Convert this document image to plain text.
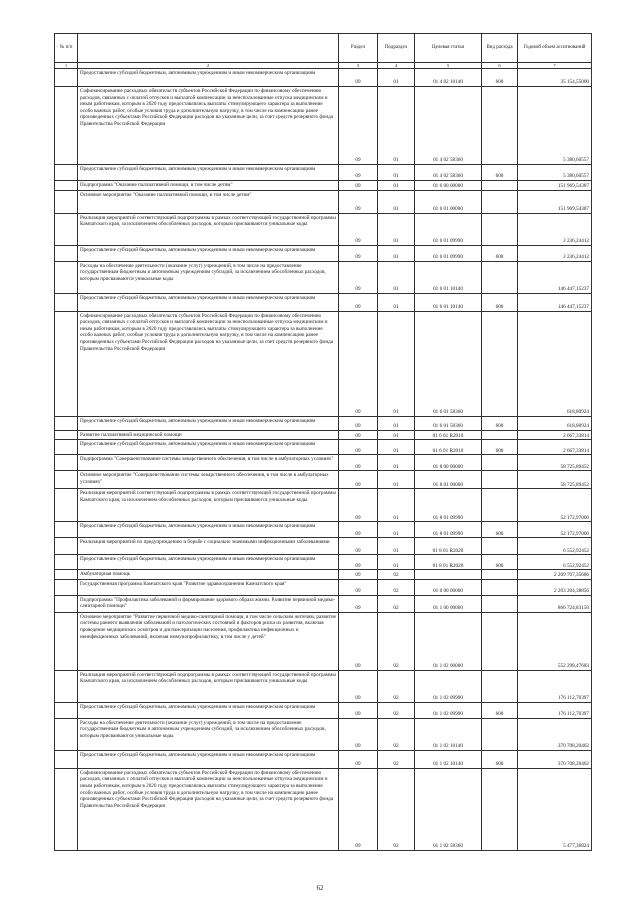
№ п/п		Раздел	Подраздел	Целевая статья	Вид расхода	Годовой объем ассигнований
1	2	3	4	5	6	7
	Предоставление субсидий бюджетным, автономным учреждениям и иным некоммерческим организациям	09	01	01 4 02 10140	600	35 154,55000
	Софинансирование расходных обязательств субъектов Российской Федерации по финансовому обеспечению расходов, связанных с оплатой отпусков и выплатой компенсации за неиспользованные отпуска медицинским и иным работникам, которым в 2020 году предоставлялись выплаты стимулирующего характера за выполнение особо важных работ, особые условия труда и дополнительную нагрузку, в том числе на компенсацию ранее произведенных субъектами Российской Федерации расходов на указанные цели, за счет средств резервного фонда Правительства Российской Федерации	09	01	01 4 02 58360		5 380,60557
	Предоставление субсидий бюджетным, автономным учреждениям и иным некоммерческим организациям	09	01	01 4 02 58360	600	5 380,60557
	Подпрограмма "Оказание паллиативной помощи, в том числе детям"	09	01	01 6 00 00000		151 969,54387
	Основное мероприятие "Оказание паллиативной помощи, в том числе детям"	09	01	01 6 01 00000		151 969,54387
	Реализация мероприятий соответствующей подпрограммы в рамках соответствующей государственной программы Камчатского края, за исключением обособленных расходов, которым присваиваются уникальные коды	09	01	01 6 01 09990		2 236,24412
	Предоставление субсидий бюджетным, автономным учреждениям и иным некоммерческим организациям	09	01	01 6 01 09990	600	2 236,24412
	Расходы на обеспечение деятельности (оказание услуг) учреждений, в том числе на предоставление государственным бюджетным и автономным учреждениям субсидий, за исключением обособленных расходов, которым присваиваются уникальные коды	09	01	01 6 01 10140		146 447,15237
	Предоставление субсидий бюджетным, автономным учреждениям и иным некоммерческим организациям	09	01	01 6 01 10140	600	146 447,15237
	Софинансирование расходных обязательств субъектов Российской Федерации по финансовому обеспечению расходов, связанных с оплатой отпусков и выплатой компенсации за неиспользованные отпуска медицинским и иным работникам, которым в 2020 году предоставлялись выплаты стимулирующего характера за выполнение особо важных работ, особые условия труда и дополнительную нагрузку, в том числе на компенсацию ранее произведенных субъектами Российской Федерации расходов на указанные цели, за счет средств резервного фонда Правительства Российской Федерации	09	01	01 6 01 58360		618,80924
	Предоставление субсидий бюджетным, автономным учреждениям и иным некоммерческим организациям	09	01	01 6 01 58360	600	618,80924
	Развитие паллиативной медицинской помощи	09	01	01 6 01 R2010		2 667,33814
	Предоставление субсидий бюджетным, автономным учреждениям и иным некоммерческим организациям	09	01	01 6 01 R2010	600	2 667,33814
	Подпрограмма "Совершенствование системы лекарственного обеспечения, в том числе в амбулаторных условиях"	09	01	01 8 00 00000		58 725,89452
	Основное мероприятие "Совершенствование системы лекарственного обеспечения, в том числе в амбулаторных условиях"	09	01	01 8 01 00000		58 725,89452
	Реализация мероприятий соответствующей подпрограммы в рамках соответствующей государственной программы Камчатского края, за исключением обособленных расходов, которым присваиваются уникальные коды	09	01	01 8 01 09990		52 172,97000
	Предоставление субсидий бюджетным, автономным учреждениям и иным некоммерческим организациям	09	01	01 8 01 09990	600	52 172,97000
	Реализация мероприятий по предупреждению и борьбе с социально значимыми инфекционными заболеваниями	09	01	01 8 01 R2020		6 552,92452
	Предоставление субсидий бюджетным, автономным учреждениям и иным некоммерческим организациям	09	01	01 8 01 R2020	600	6 552,92452
	Амбулаторная помощь	09	02			2 209 707,35686
	Государственная программа Камчатского края "Развитие здравоохранения Камчатского края"	09	02	01 0 00 00000		2 203 204,38856
	Подпрограмма "Профилактика заболеваний и формирование здорового образа жизни. Развитие первичной медико-санитарной помощи"	09	02	01 1 00 00000		866 724,83150
	Основное мероприятие "Развитие первичной медико-санитарной помощи, в том числе сельским жителям, развитие системы раннего выявления заболеваний и патологических состояний и факторов риска их развития, включая проведение медицинских осмотров и диспансеризации населения, профилактика инфекционных и неинфекционных заболеваний, включая иммунопрофилактику, в том числе у детей"	09	02	01 1 02 00000		552 298,47683
	Реализация мероприятий соответствующей подпрограммы в рамках соответствующей государственной программы Камчатского края, за исключением обособленных расходов, которым присваиваются уникальные коды	09	02	01 1 02 09990		176 112,70397
	Предоставление субсидий бюджетным, автономным учреждениям и иным некоммерческим организациям	09	02	01 1 02 09990	600	176 112,70397
	Расходы на обеспечение деятельности (оказание услуг) учреждений, в том числе на предоставление государственным бюджетным и автономным учреждениям субсидий, за исключением обособленных расходов, которым присваиваются уникальные коды	09	02	01 1 02 10140		370 708,20462
	Предоставление субсидий бюджетным, автономным учреждениям и иным некоммерческим организациям	09	02	01 1 02 10140	600	370 708,20462
	Софинансирование расходных обязательств субъектов Российской Федерации по финансовому обеспечению расходов, связанных с оплатой отпусков и выплатой компенсации за неиспользованные отпуска медицинским и иным работникам, которым в 2020 году предоставлялись выплаты стимулирующего характера за выполнение особо важных работ, особые условия труда и дополнительную нагрузку, в том числе на компенсацию ранее произведенных субъектами Российской Федерации расходов на указанные цели, за счет средств резервного фонда Правительства Российской Федерации	09	02	01 1 02 58360		5 477,36824
62
